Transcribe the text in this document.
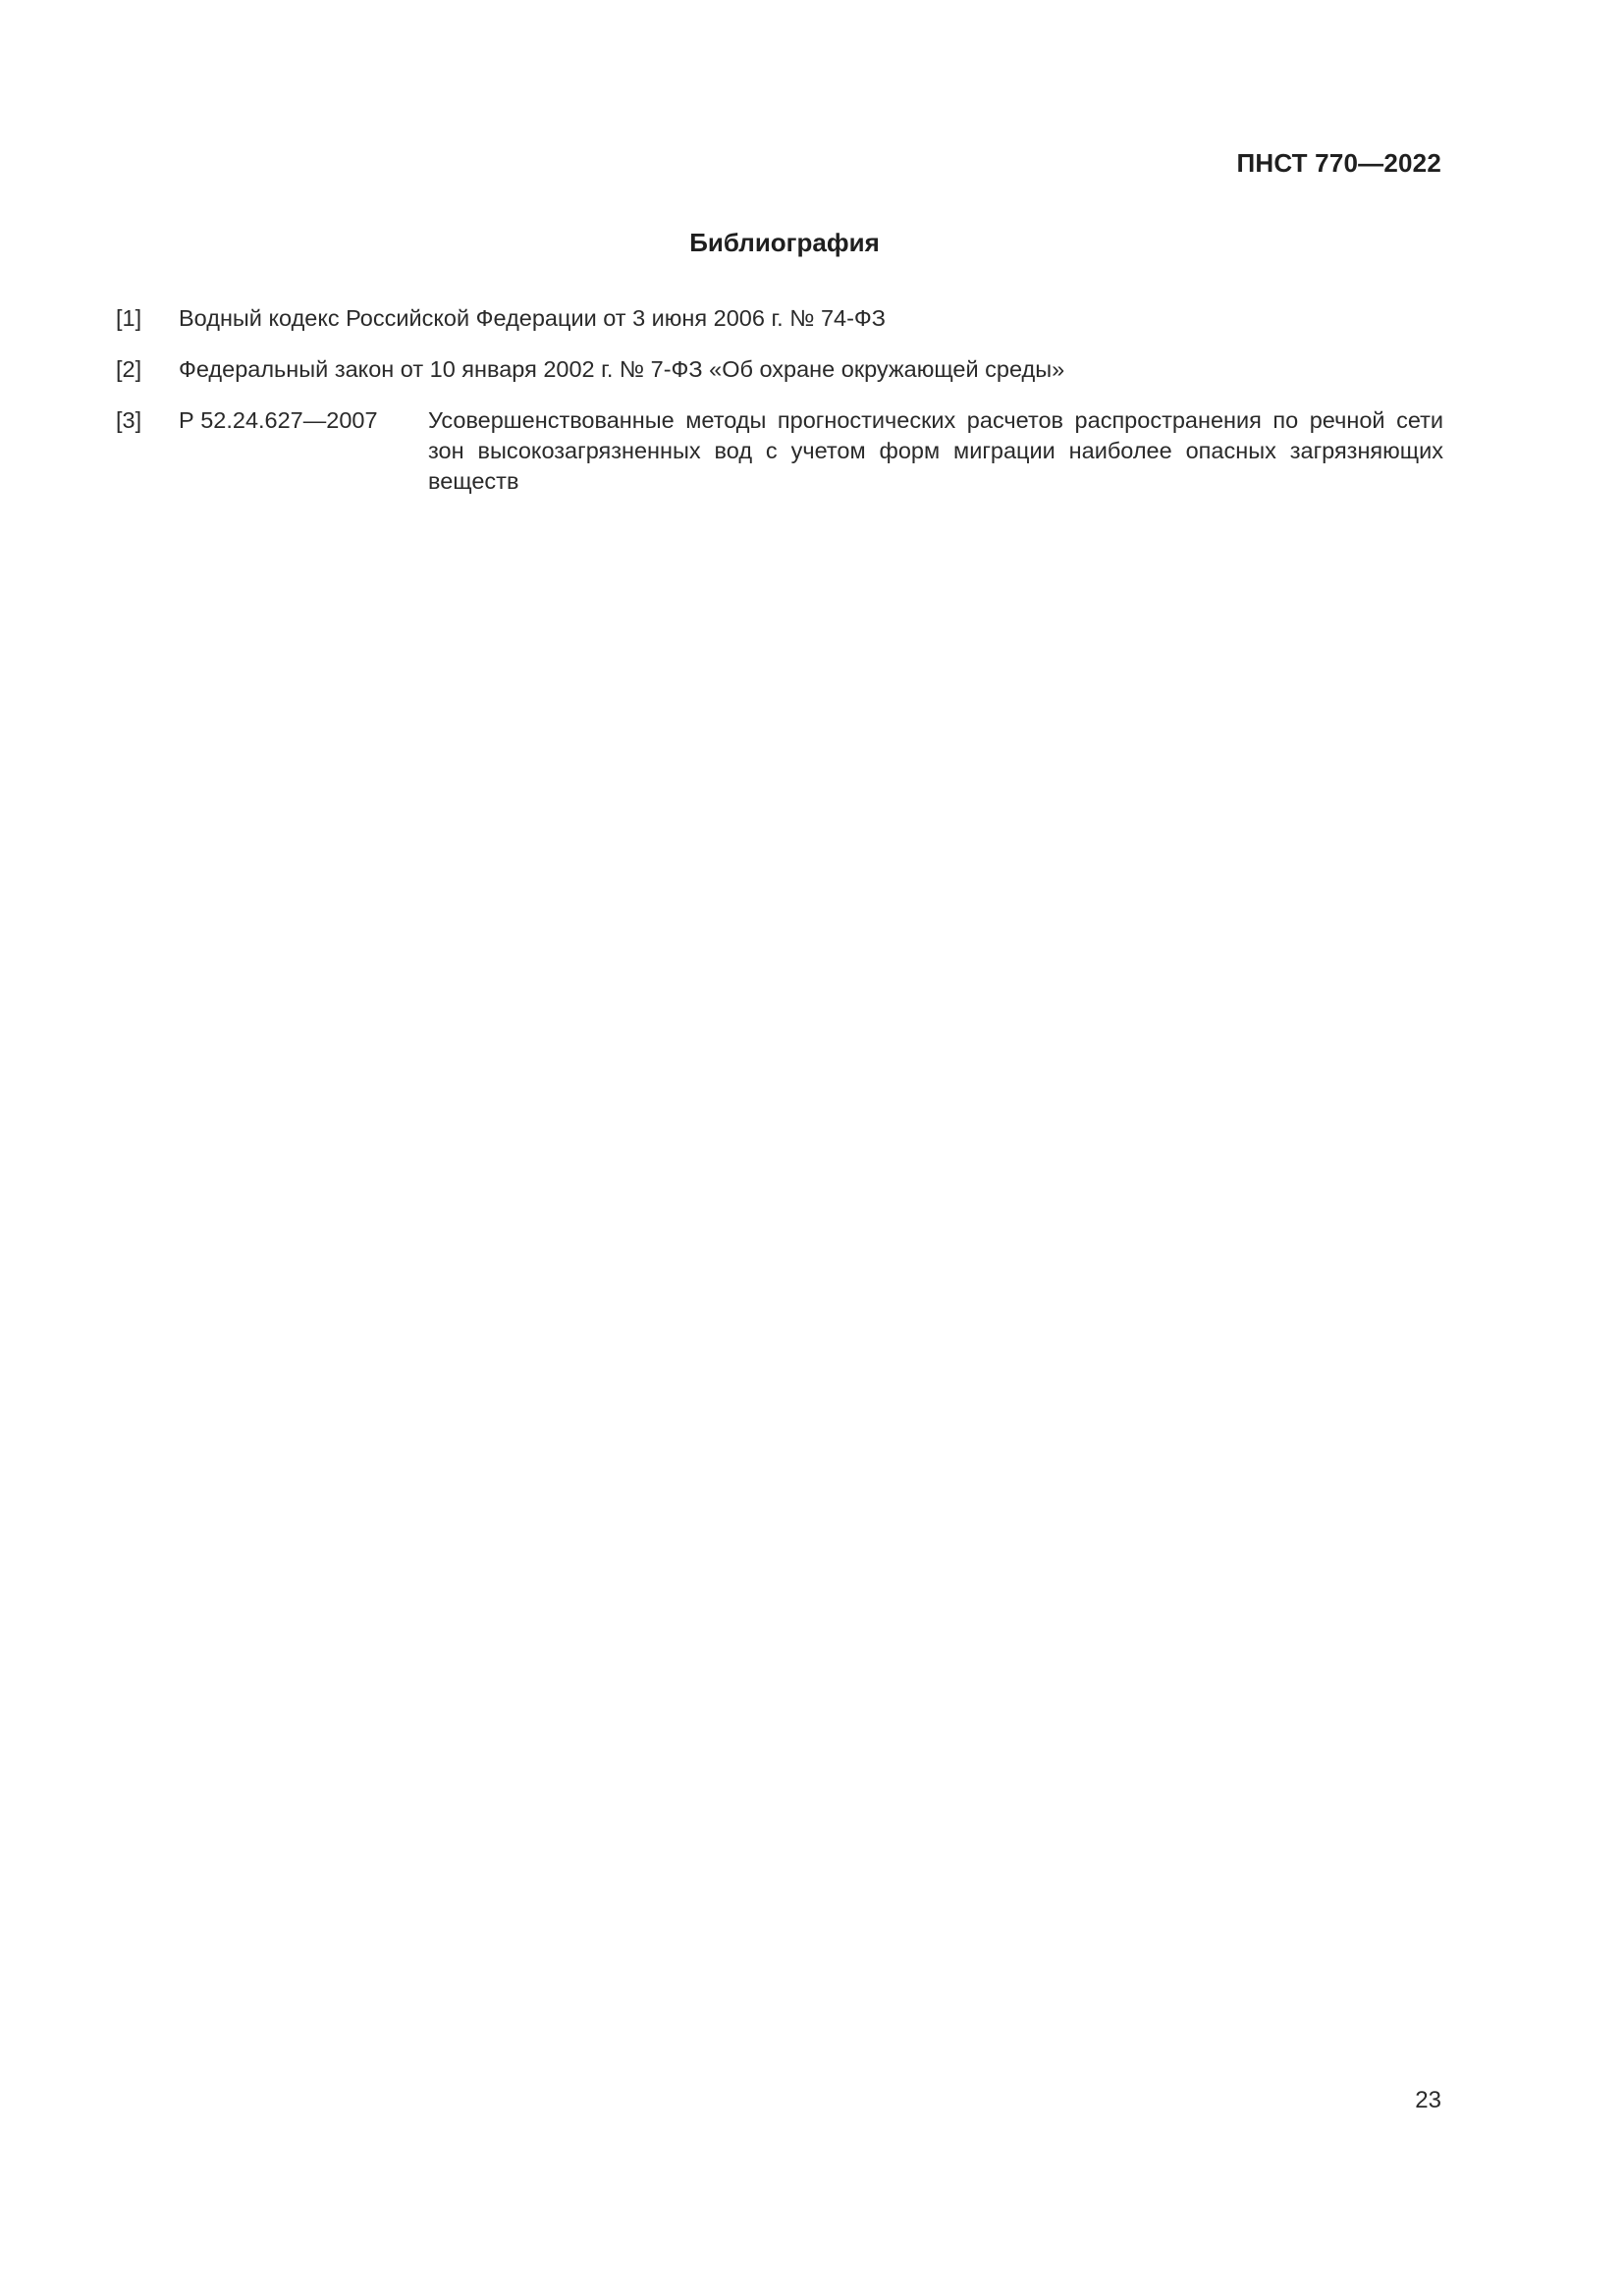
ПНСТ 770—2022
Библиография
[1]	Водный кодекс Российской Федерации от 3 июня 2006 г. № 74-ФЗ
[2]	Федеральный закон от 10 января 2002 г. № 7-ФЗ «Об охране окружающей среды»
[3]	Р 52.24.627—2007	Усовершенствованные методы прогностических расчетов распространения по речной сети зон высокозагрязненных вод с учетом форм миграции наиболее опасных загрязняющих веществ
23
